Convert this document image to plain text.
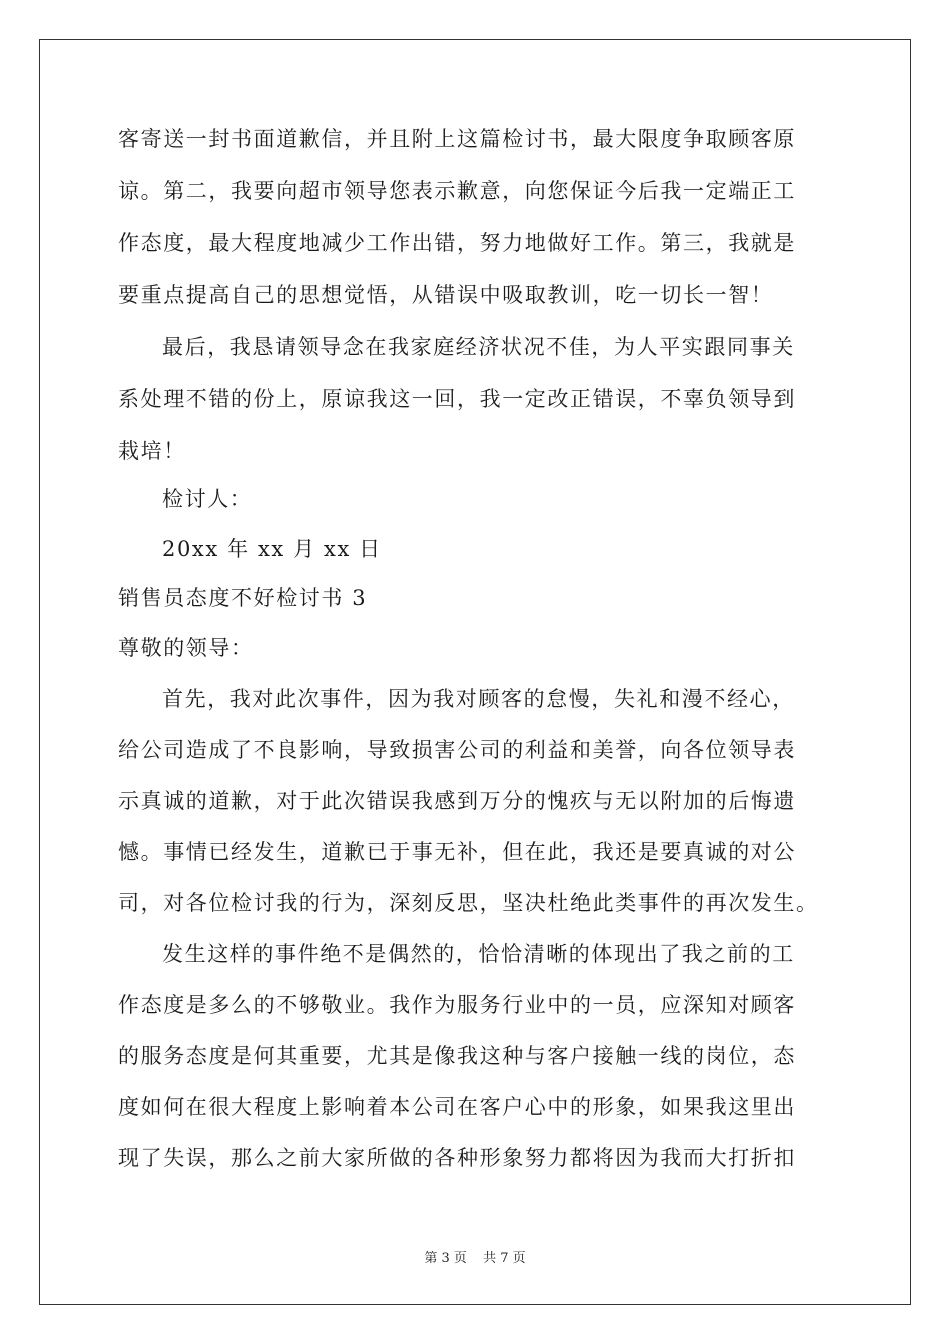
客寄送一封书面道歉信，并且附上这篇检讨书，最大限度争取顾客原
谅。第二，我要向超市领导您表示歉意，向您保证今后我一定端正工
作态度，最大程度地减少工作出错，努力地做好工作。第三，我就是
要重点提高自己的思想觉悟，从错误中吸取教训，吃一切长一智！
最后，我恳请领导念在我家庭经济状况不佳，为人平实跟同事关
系处理不错的份上，原谅我这一回，我一定改正错误，不辜负领导到
栽培！
检讨人：
20xx 年 xx 月 xx 日
销售员态度不好检讨书 3
尊敬的领导：
首先，我对此次事件，因为我对顾客的怠慢，失礼和漫不经心，
给公司造成了不良影响，导致损害公司的利益和美誉，向各位领导表
示真诚的道歉，对于此次错误我感到万分的愧疚与无以附加的后悔遗
憾。事情已经发生，道歉已于事无补，但在此，我还是要真诚的对公
司，对各位检讨我的行为，深刻反思，坚决杜绝此类事件的再次发生。
发生这样的事件绝不是偶然的，恰恰清晰的体现出了我之前的工
作态度是多么的不够敬业。我作为服务行业中的一员，应深知对顾客
的服务态度是何其重要，尤其是像我这种与客户接触一线的岗位，态
度如何在很大程度上影响着本公司在客户心中的形象，如果我这里出
现了失误，那么之前大家所做的各种形象努力都将因为我而大打折扣
第 3 页 共 7 页
